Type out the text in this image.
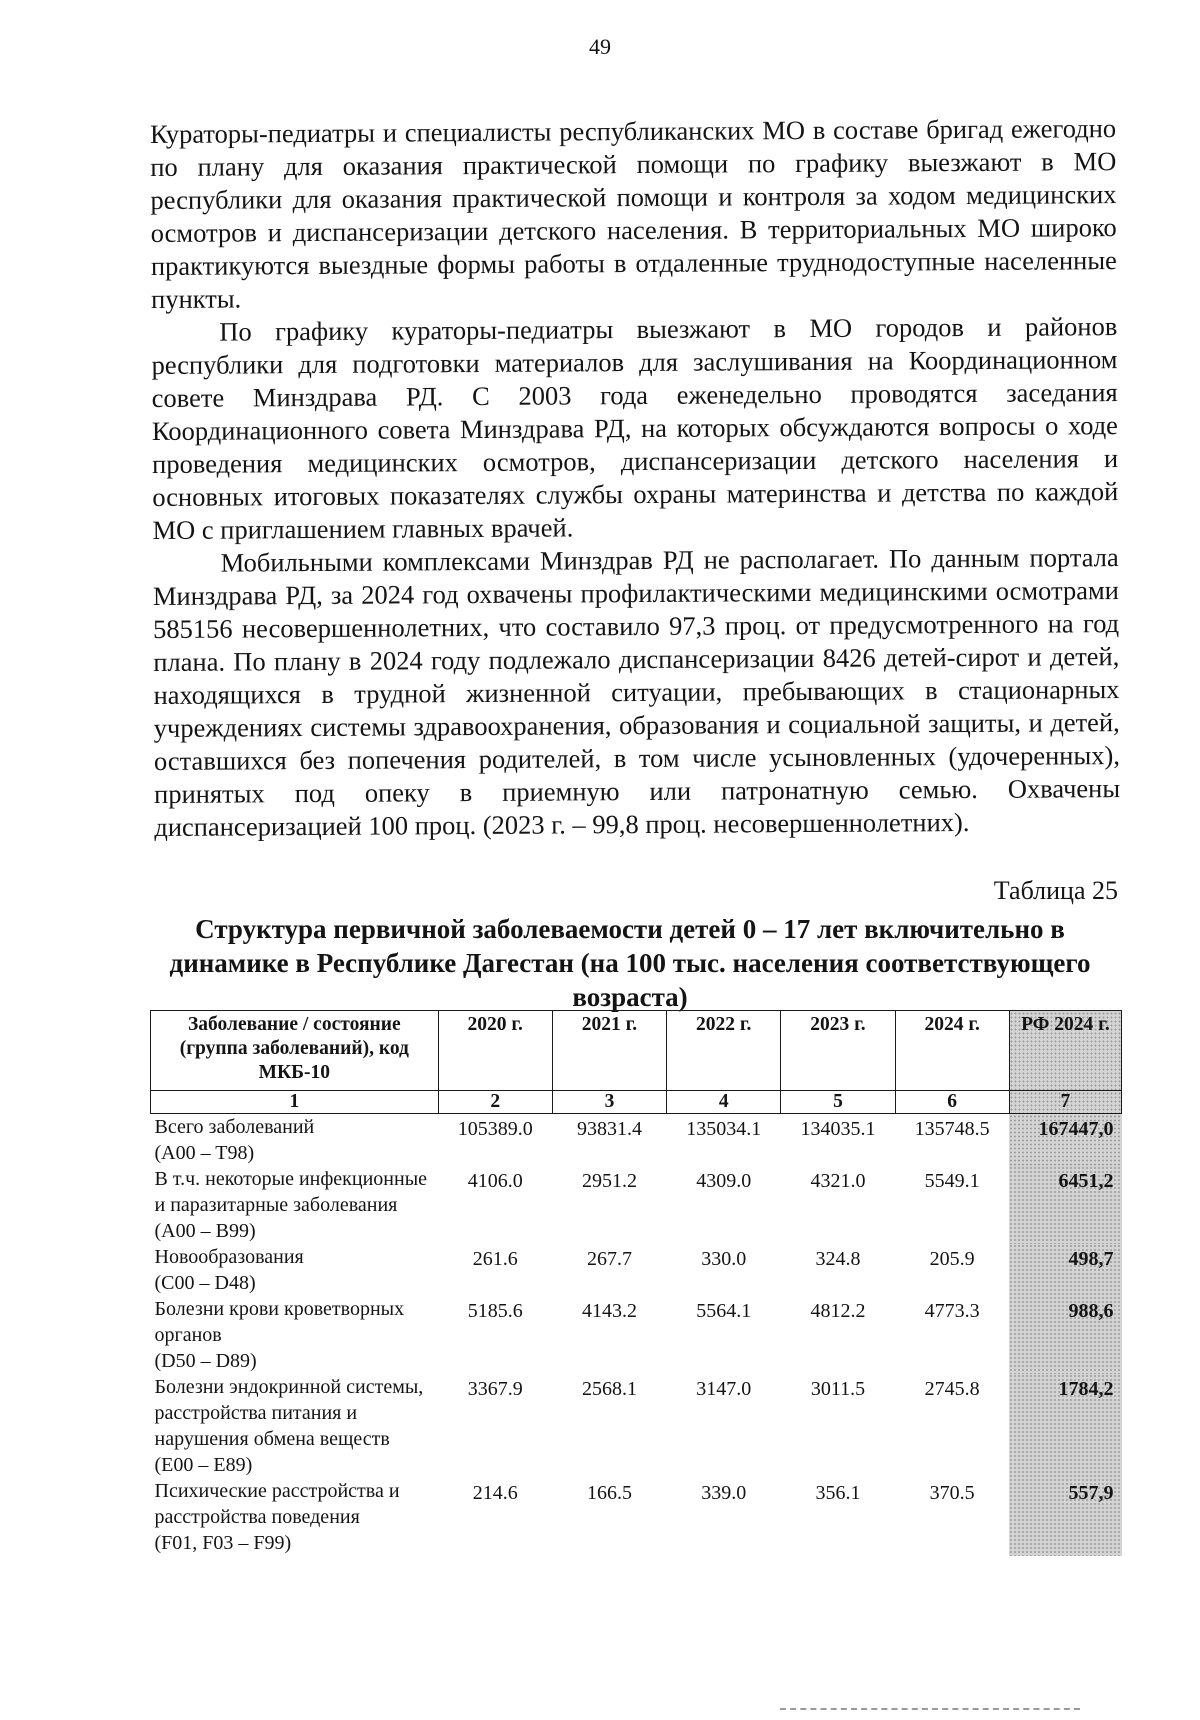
49

Кураторы-педиатры и специалисты республиканских МО в составе бригад ежегодно по плану для оказания практической помощи по графику выезжают в МО республики для оказания практической помощи и контроля за ходом медицинских осмотров и диспансеризации детского населения. В территориальных МО широко практикуются выездные формы работы в отдаленные труднодоступные населенные пункты.

По графику кураторы-педиатры выезжают в МО городов и районов республики для подготовки материалов для заслушивания на Координационном совете Минздрава РД. С 2003 года еженедельно проводятся заседания Координационного совета Минздрава РД, на которых обсуждаются вопросы о ходе проведения медицинских осмотров, диспансеризации детского населения и основных итоговых показателях службы охраны материнства и детства по каждой МО с приглашением главных врачей.

Мобильными комплексами Минздрав РД не располагает. По данным портала Минздрава РД, за 2024 год охвачены профилактическими медицинскими осмотрами 585156 несовершеннолетних, что составило 97,3 проц. от предусмотренного на год плана. По плану в 2024 году подлежало диспансеризации 8426 детей-сирот и детей, находящихся в трудной жизненной ситуации, пребывающих в стационарных учреждениях системы здравоохранения, образования и социальной защиты, и детей, оставшихся без попечения родителей, в том числе усыновленных (удочеренных), принятых под опеку в приемную или патронатную семью. Охвачены диспансеризацией 100 проц. (2023 г. – 99,8 проц. несовершеннолетних).

Таблица 25
Структура первичной заболеваемости детей 0 – 17 лет включительно в динамике в Республике Дагестан (на 100 тыс. населения соответствующего возраста)
Заболевание / состояние (группа заболеваний), код МКБ-10	2020 г.	2021 г.	2022 г.	2023 г.	2024 г.	РФ 2024 г.
1	2	3	4	5	6	7
Всего заболеваний
(A00 – T98)	105389.0	93831.4	135034.1	134035.1	135748.5	167447,0
В т.ч. некоторые инфекционные и паразитарные заболевания
(A00 – B99)	4106.0	2951.2	4309.0	4321.0	5549.1	6451,2
Новообразования
(C00 – D48)	261.6	267.7	330.0	324.8	205.9	498,7
Болезни крови кроветворных органов
(D50 – D89)	5185.6	4143.2	5564.1	4812.2	4773.3	988,6
Болезни эндокринной системы, расстройства питания и нарушения обмена веществ
(E00 – E89)	3367.9	2568.1	3147.0	3011.5	2745.8	1784,2
Психические расстройства и расстройства поведения
(F01, F03 – F99)	214.6	166.5	339.0	356.1	370.5	557,9
